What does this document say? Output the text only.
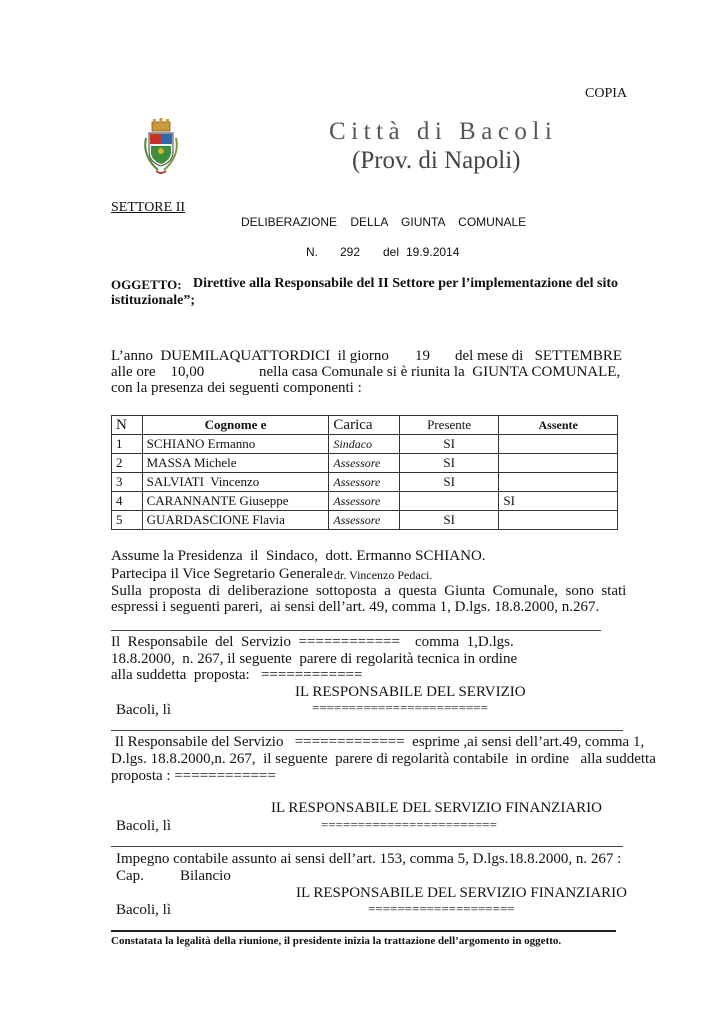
COPIA
Città di Bacoli
(Prov. di Napoli)
SETTORE II
DELIBERAZIONE    DELLA    GIUNTA    COMUNALE
N. 292 del 19.9.2014
OGGETTO: Direttive alla Responsabile del II Settore per l’implementazione del sito
istituzionale”;
L’anno  DUEMILAQUATTORDICI  il giorno 19 del mese di   SETTEMBRE
alle ore    10,00	nella casa Comunale si è riunita la  GIUNTA COMUNALE,
con la presenza dei seguenti componenti :
N	Cognome e	Carica	Presente	Assente
1	SCHIANO Ermanno	Sindaco	SI	
2	MASSA Michele	Assessore	SI	
3	SALVIATI  Vincenzo	Assessore	SI	
4	CARANNANTE Giuseppe	Assessore		SI
5	GUARDASCIONE Flavia	Assessore	SI	
Assume la Presidenza  il  Sindaco,  dott. Ermanno SCHIANO.
Partecipa il Vice Segretario Generale dr. Vincenzo Pedaci.
Sulla  proposta  di  deliberazione  sottoposta  a  questa  Giunta  Comunale,  sono  stati
espressi i seguenti pareri,  ai sensi dell’art. 49, comma 1, D.lgs. 18.8.2000, n.267.
Il  Responsabile  del  Servizio  ============    comma  1,D.lgs.
18.8.2000,  n. 267, il seguente  parere di regolarità tecnica in ordine
alla suddetta  proposta:   ============
IL RESPONSABILE DEL SERVIZIO
Bacoli, lì	========================
Il Responsabile del Servizio   =============  esprime ,ai sensi dell’art.49, comma 1,
D.lgs. 18.8.2000,n. 267,  il seguente  parere di regolarità contabile  in ordine   alla suddetta
proposta : ============
IL RESPONSABILE DEL SERVIZIO FINANZIARIO
Bacoli, lì	========================
Impegno contabile assunto ai sensi dell’art. 153, comma 5, D.lgs.18.8.2000, n. 267 :
Cap. Bilancio
IL RESPONSABILE DEL SERVIZIO FINANZIARIO
Bacoli, lì	====================
Constatata la legalità della riunione, il presidente inizia la trattazione dell’argomento in oggetto.
